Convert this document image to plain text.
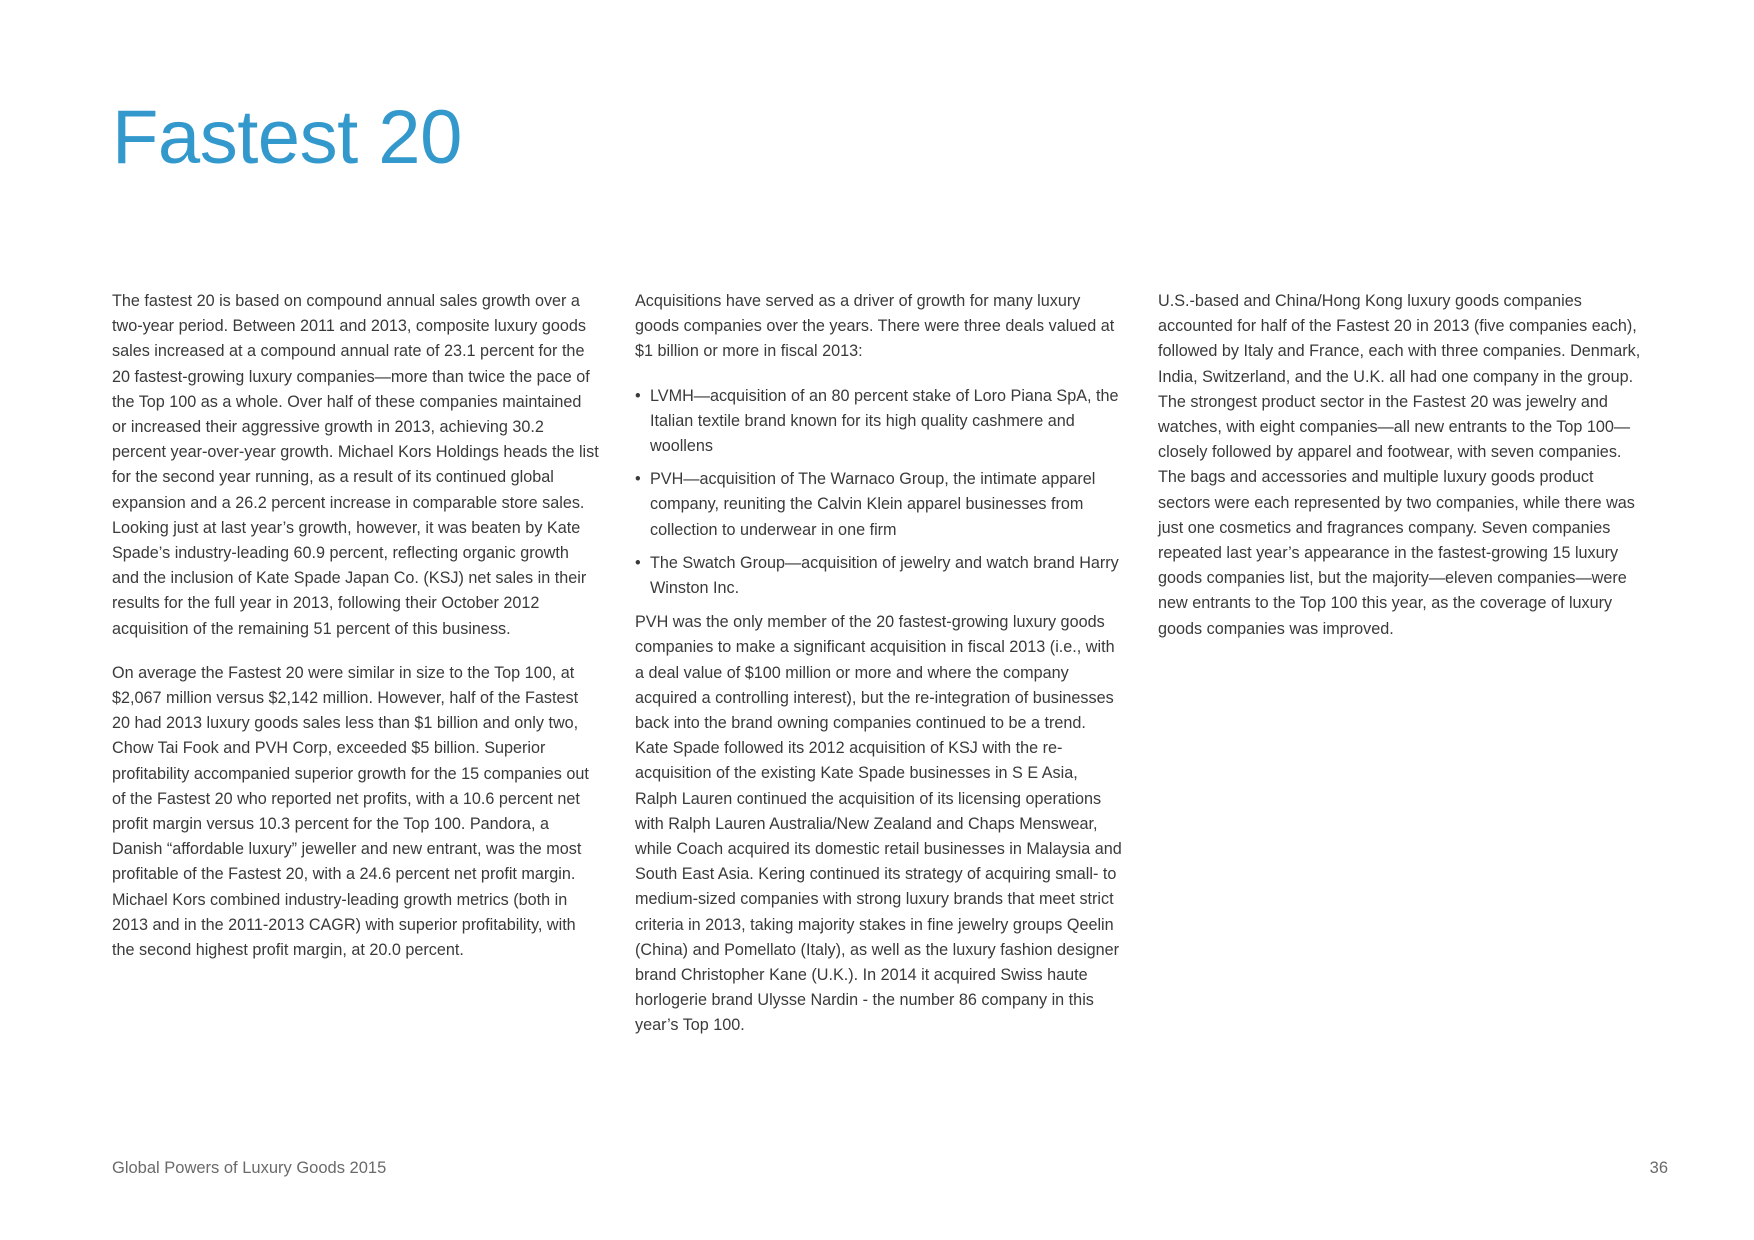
Fastest 20

The fastest 20 is based on compound annual sales growth over a two-year period. Between 2011 and 2013, composite luxury goods sales increased at a compound annual rate of 23.1 percent for the 20 fastest-growing luxury companies—more than twice the pace of the Top 100 as a whole. Over half of these companies maintained or increased their aggressive growth in 2013, achieving 30.2 percent year-over-year growth. Michael Kors Holdings heads the list for the second year running, as a result of its continued global expansion and a 26.2 percent increase in comparable store sales. Looking just at last year’s growth, however, it was beaten by Kate Spade’s industry-leading 60.9 percent, reflecting organic growth and the inclusion of Kate Spade Japan Co. (KSJ) net sales in their results for the full year in 2013, following their October 2012 acquisition of the remaining 51 percent of this business.

On average the Fastest 20 were similar in size to the Top 100, at $2,067 million versus $2,142 million. However, half of the Fastest 20 had 2013 luxury goods sales less than $1 billion and only two, Chow Tai Fook and PVH Corp, exceeded $5 billion. Superior profitability accompanied superior growth for the 15 companies out of the Fastest 20 who reported net profits, with a 10.6 percent net profit margin versus 10.3 percent for the Top 100. Pandora, a Danish “affordable luxury” jeweller and new entrant, was the most profitable of the Fastest 20, with a 24.6 percent net profit margin. Michael Kors combined industry-leading growth metrics (both in 2013 and in the 2011-2013 CAGR) with superior profitability, with the second highest profit margin, at 20.0 percent.

Acquisitions have served as a driver of growth for many luxury goods companies over the years. There were three deals valued at $1 billion or more in fiscal 2013:

• LVMH—acquisition of an 80 percent stake of Loro Piana SpA, the Italian textile brand known for its high quality cashmere and woollens
• PVH—acquisition of The Warnaco Group, the intimate apparel company, reuniting the Calvin Klein apparel businesses from collection to underwear in one firm
• The Swatch Group—acquisition of jewelry and watch brand Harry Winston Inc.

PVH was the only member of the 20 fastest-growing luxury goods companies to make a significant acquisition in fiscal 2013 (i.e., with a deal value of $100 million or more and where the company acquired a controlling interest), but the re-integration of businesses back into the brand owning companies continued to be a trend. Kate Spade followed its 2012 acquisition of KSJ with the re-acquisition of the existing Kate Spade businesses in S E Asia, Ralph Lauren continued the acquisition of its licensing operations with Ralph Lauren Australia/New Zealand and Chaps Menswear, while Coach acquired its domestic retail businesses in Malaysia and South East Asia. Kering continued its strategy of acquiring small- to medium-sized companies with strong luxury brands that meet strict criteria in 2013, taking majority stakes in fine jewelry groups Qeelin (China) and Pomellato (Italy), as well as the luxury fashion designer brand Christopher Kane (U.K.). In 2014 it acquired Swiss haute horlogerie brand Ulysse Nardin - the number 86 company in this year’s Top 100.

U.S.-based and China/Hong Kong luxury goods companies accounted for half of the Fastest 20 in 2013 (five companies each), followed by Italy and France, each with three companies. Denmark, India, Switzerland, and the U.K. all had one company in the group. The strongest product sector in the Fastest 20 was jewelry and watches, with eight companies—all new entrants to the Top 100—closely followed by apparel and footwear, with seven companies. The bags and accessories and multiple luxury goods product sectors were each represented by two companies, while there was just one cosmetics and fragrances company. Seven companies repeated last year’s appearance in the fastest-growing 15 luxury goods companies list, but the majority—eleven companies—were new entrants to the Top 100 this year, as the coverage of luxury goods companies was improved.

Global Powers of Luxury Goods 2015	36
